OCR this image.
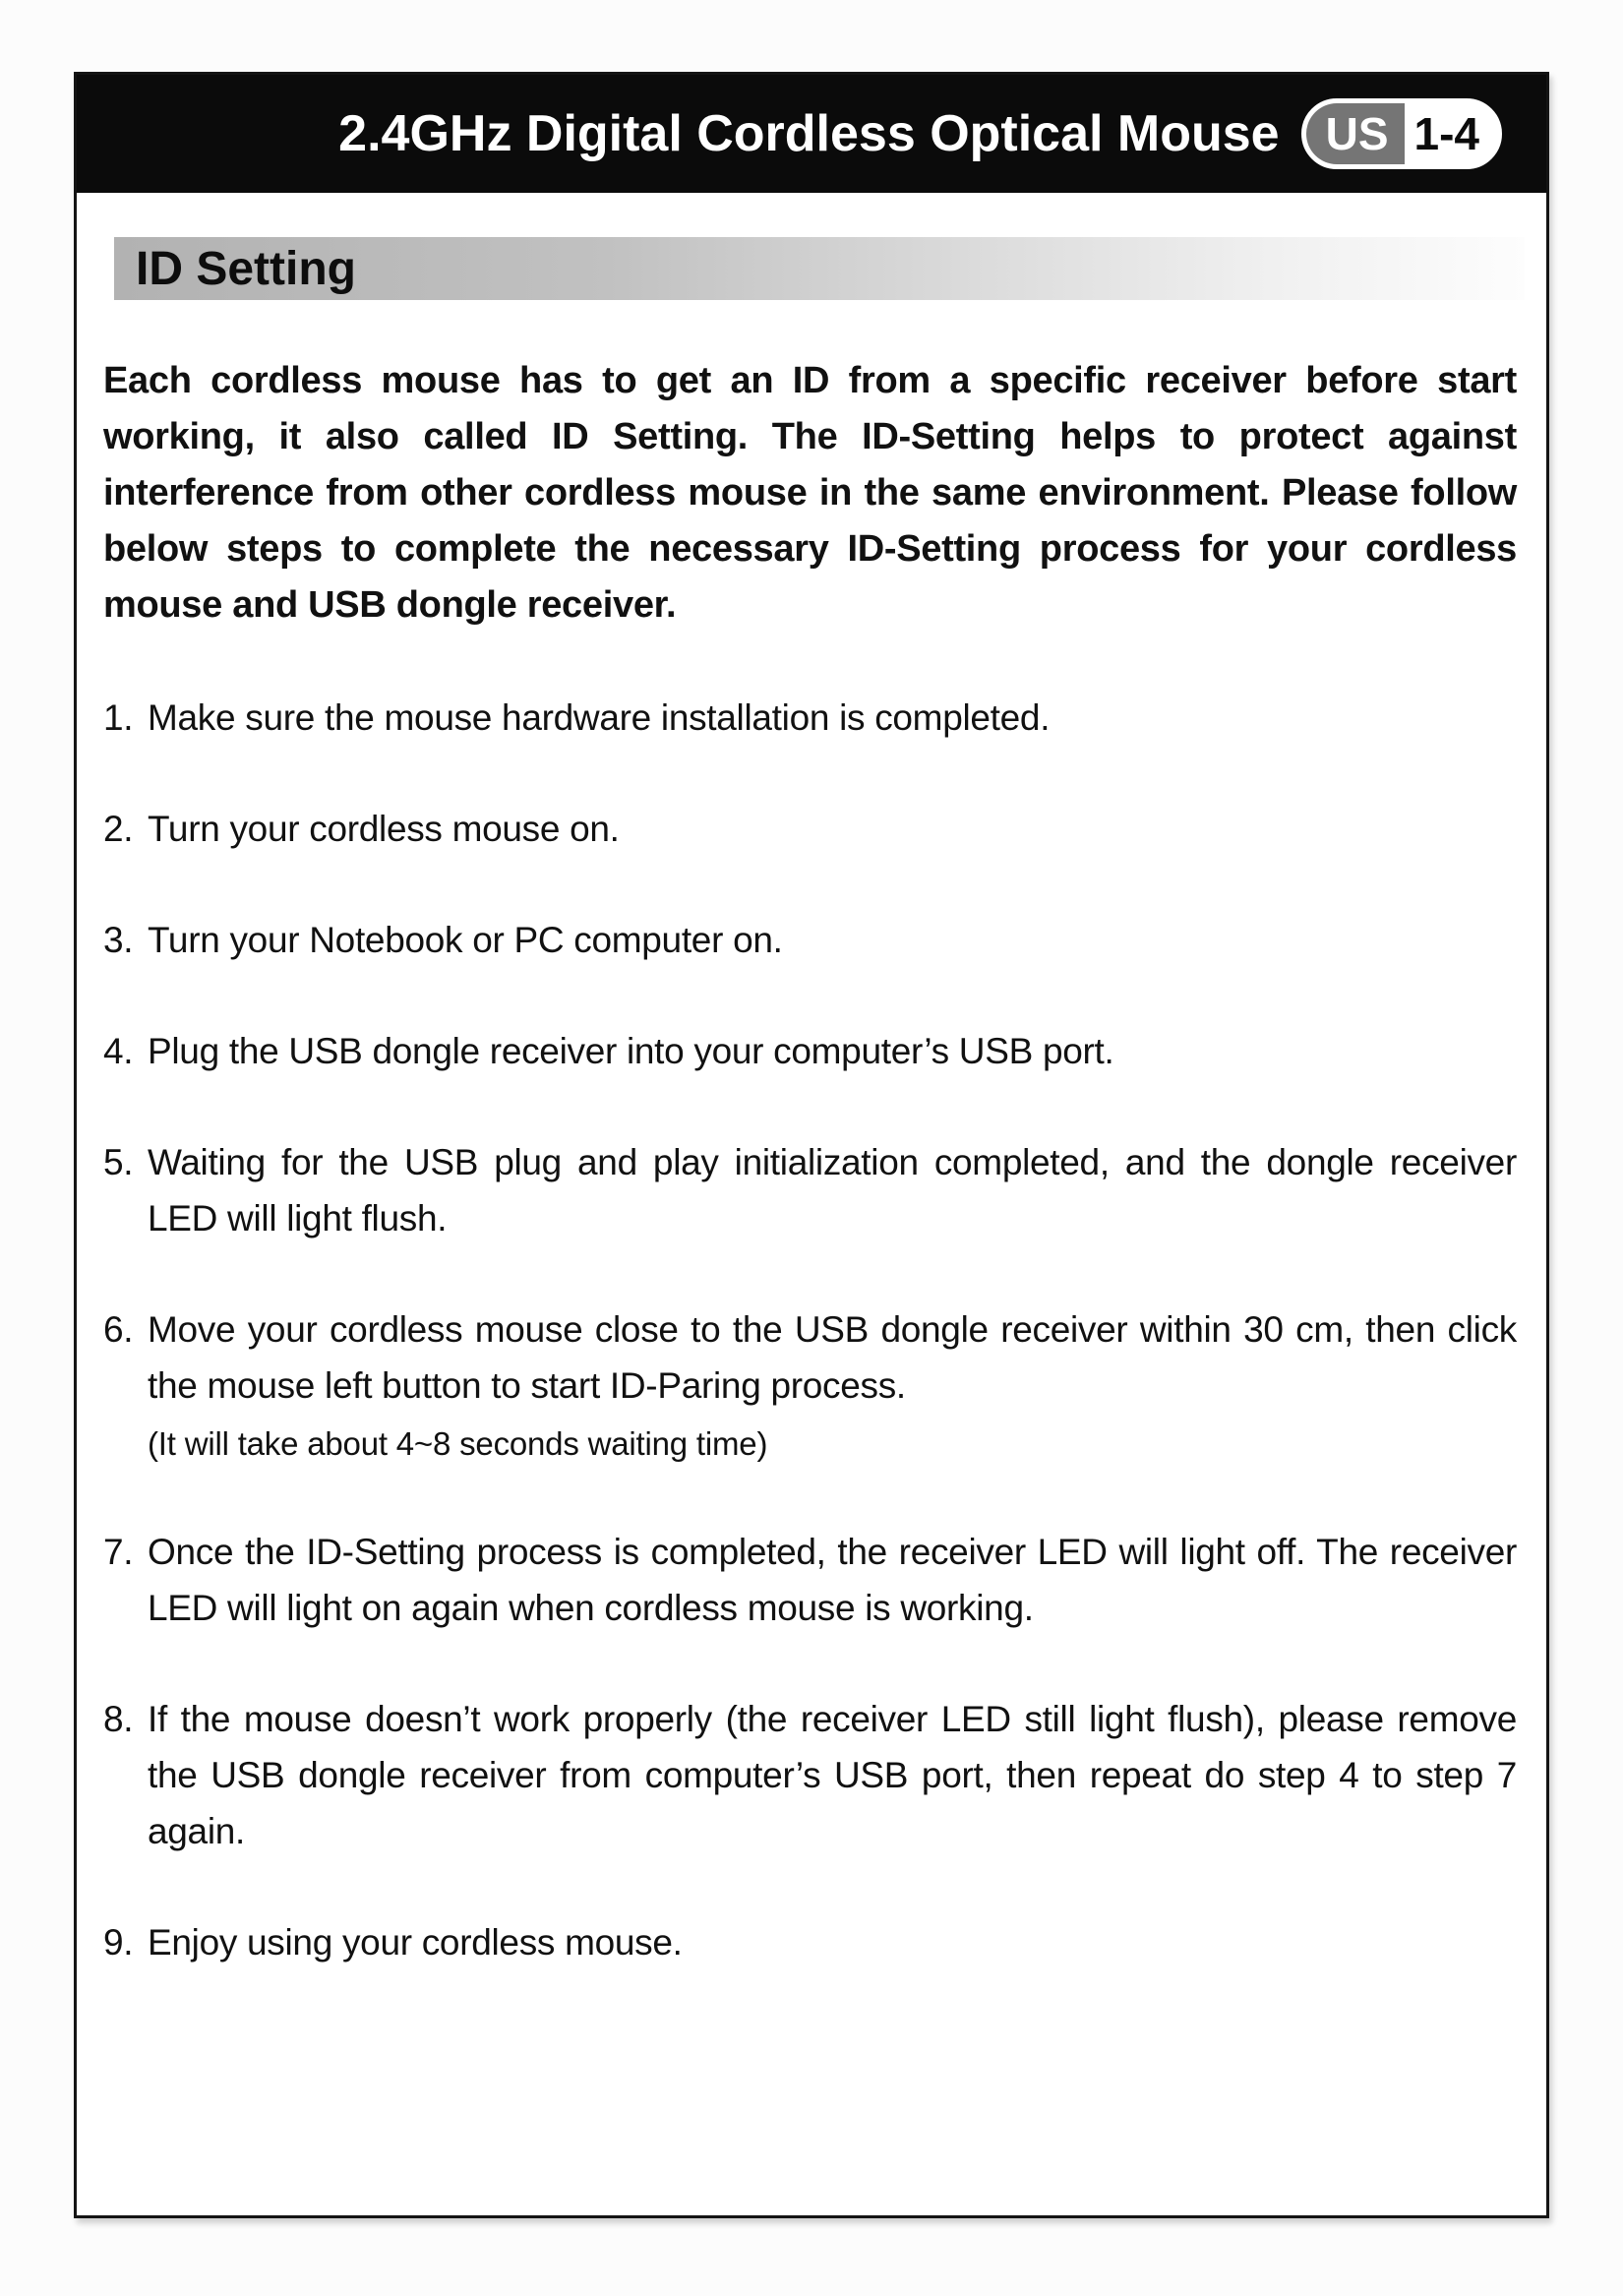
2.4GHz Digital Cordless Optical Mouse	US 1-4
ID Setting

Each cordless mouse has to get an ID from a specific receiver before start working, it also called ID Setting. The ID-Setting helps to protect against interference from other cordless mouse in the same environment. Please follow below steps to complete the necessary ID-Setting process for your cordless mouse and USB dongle receiver.

1. Make sure the mouse hardware installation is completed.
2. Turn your cordless mouse on.
3. Turn your Notebook or PC computer on.
4. Plug the USB dongle receiver into your computer’s USB port.
5. Waiting for the USB plug and play initialization completed, and the dongle receiver LED will light flush.
6. Move your cordless mouse close to the USB dongle receiver within 30 cm, then click the mouse left button to start ID-Paring process.
(It will take about 4~8 seconds waiting time)
7. Once the ID-Setting process is completed, the receiver LED will light off. The receiver LED will light on again when cordless mouse is working.
8. If the mouse doesn’t work properly (the receiver LED still light flush), please remove the USB dongle receiver from computer’s USB port, then repeat do step 4 to step 7 again.
9. Enjoy using your cordless mouse.
